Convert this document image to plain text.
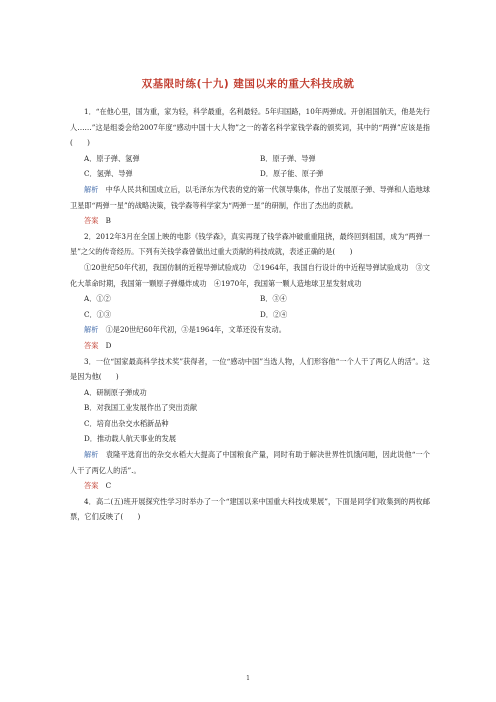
双基限时练(十九) 建国以来的重大科技成就

1．“在他心里，国为重，家为轻，科学最重，名利最轻。5年归国路，10年两弹成。开创祖国航天，他是先行人……”这是组委会给2007年度“感动中国十大人物”之一的著名科学家钱学森的颁奖词，其中的“两弹”应该是指(　　)

A．原子弹、氢弹	B．原子弹、导弹
C．氢弹、导弹	D．原子能、原子弹

解析　 中华人民共和国成立后，以毛泽东为代表的党的第一代领导集体，作出了发展原子弹、导弹和人造地球卫星即“两弹一星”的战略决策，钱学森等科学家为“两弹一星”的研制，作出了杰出的贡献。

答案　 B

2．2012年3月在全国上映的电影《钱学森》，真实再现了钱学森冲破重重阻挠，最终回到祖国，成为“两弹一星”之父的传奇经历。下列有关钱学森曾做出过重大贡献的科技成就，表述正确的是(　　)

①20世纪50年代初，我国仿制的近程导弹试验成功　②1964年，我国自行设计的中近程导弹试验成功　③文化大革命时期，我国第一颗原子弹爆炸成功　④1970年，我国第一颗人造地球卫星发射成功

A．①②	B．③④
C．①③	D．②④

解析　 ①是20世纪60年代初，③是1964年，文革还没有发动。

答案　 D

3．一位“国家最高科学技术奖”获得者，一位“感动中国”当选人物，人们形容他“一个人干了两亿人的活”。这是因为他(　　)

A．研制原子弹成功
B．对我国工业发展作出了突出贡献
C．培育出杂交水稻新品种
D．推动载人航天事业的发展

解析　 袁隆平选育出的杂交水稻大大提高了中国粮食产量，同时有助于解决世界性饥饿问题，因此说他“一个人干了两亿人的活”.。

答案　 C

4．高二(五)班开展探究性学习时举办了一个“建国以来中国重大科技成果展”，下面是同学们收集到的两枚邮票，它们反映了(　　)

1
